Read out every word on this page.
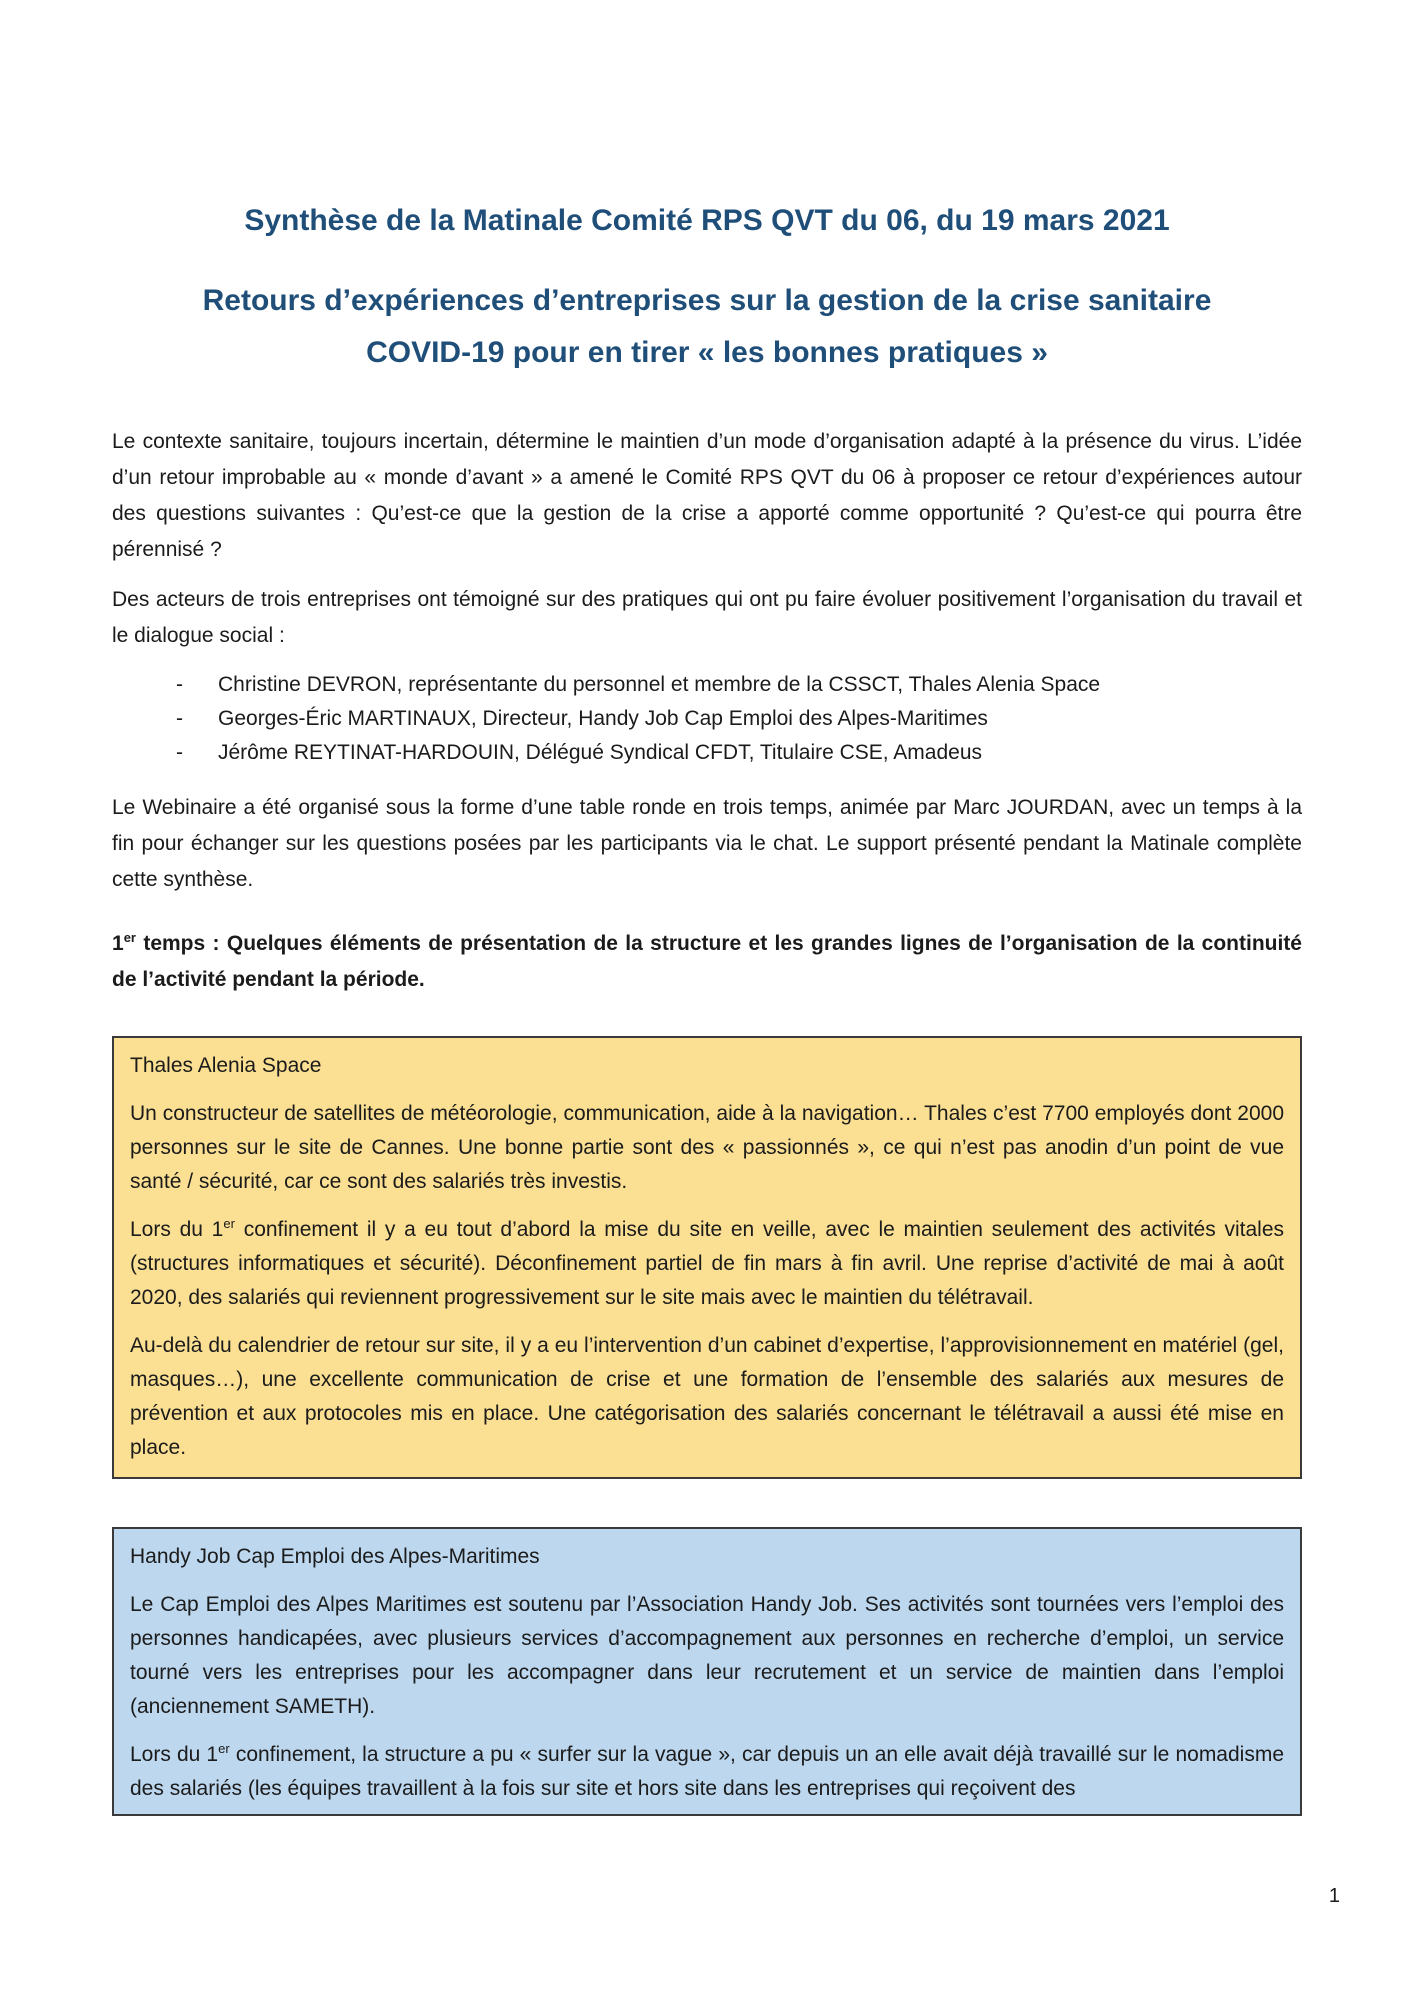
Synthèse de la Matinale Comité RPS QVT du 06, du 19 mars 2021
Retours d’expériences d’entreprises sur la gestion de la crise sanitaire
COVID-19 pour en tirer « les bonnes pratiques »

Le contexte sanitaire, toujours incertain, détermine le maintien d’un mode d’organisation adapté à la présence du virus. L’idée d’un retour improbable au « monde d’avant » a amené le Comité RPS QVT du 06 à proposer ce retour d’expériences autour des questions suivantes : Qu’est-ce que la gestion de la crise a apporté comme opportunité ? Qu’est-ce qui pourra être pérennisé ?

Des acteurs de trois entreprises ont témoigné sur des pratiques qui ont pu faire évoluer positivement l’organisation du travail et le dialogue social :

- Christine DEVRON, représentante du personnel et membre de la CSSCT, Thales Alenia Space
- Georges-Éric MARTINAUX, Directeur, Handy Job Cap Emploi des Alpes-Maritimes
- Jérôme REYTINAT-HARDOUIN, Délégué Syndical CFDT, Titulaire CSE, Amadeus

Le Webinaire a été organisé sous la forme d’une table ronde en trois temps, animée par Marc JOURDAN, avec un temps à la fin pour échanger sur les questions posées par les participants via le chat. Le support présenté pendant la Matinale complète cette synthèse.

1er temps : Quelques éléments de présentation de la structure et les grandes lignes de l’organisation de la continuité de l’activité pendant la période.

Thales Alenia Space

Un constructeur de satellites de météorologie, communication, aide à la navigation… Thales c’est 7700 employés dont 2000 personnes sur le site de Cannes. Une bonne partie sont des « passionnés », ce qui n’est pas anodin d’un point de vue santé / sécurité, car ce sont des salariés très investis.

Lors du 1er confinement il y a eu tout d’abord la mise du site en veille, avec le maintien seulement des activités vitales (structures informatiques et sécurité). Déconfinement partiel de fin mars à fin avril. Une reprise d’activité de mai à août 2020, des salariés qui reviennent progressivement sur le site mais avec le maintien du télétravail.

Au-delà du calendrier de retour sur site, il y a eu l’intervention d’un cabinet d’expertise, l’approvisionnement en matériel (gel, masques…), une excellente communication de crise et une formation de l’ensemble des salariés aux mesures de prévention et aux protocoles mis en place. Une catégorisation des salariés concernant le télétravail a aussi été mise en place.

Handy Job Cap Emploi des Alpes-Maritimes

Le Cap Emploi des Alpes Maritimes est soutenu par l’Association Handy Job. Ses activités sont tournées vers l’emploi des personnes handicapées, avec plusieurs services d’accompagnement aux personnes en recherche d’emploi, un service tourné vers les entreprises pour les accompagner dans leur recrutement et un service de maintien dans l’emploi (anciennement SAMETH).

Lors du 1er confinement, la structure a pu « surfer sur la vague », car depuis un an elle avait déjà travaillé sur le nomadisme des salariés (les équipes travaillent à la fois sur site et hors site dans les entreprises qui reçoivent des

1
